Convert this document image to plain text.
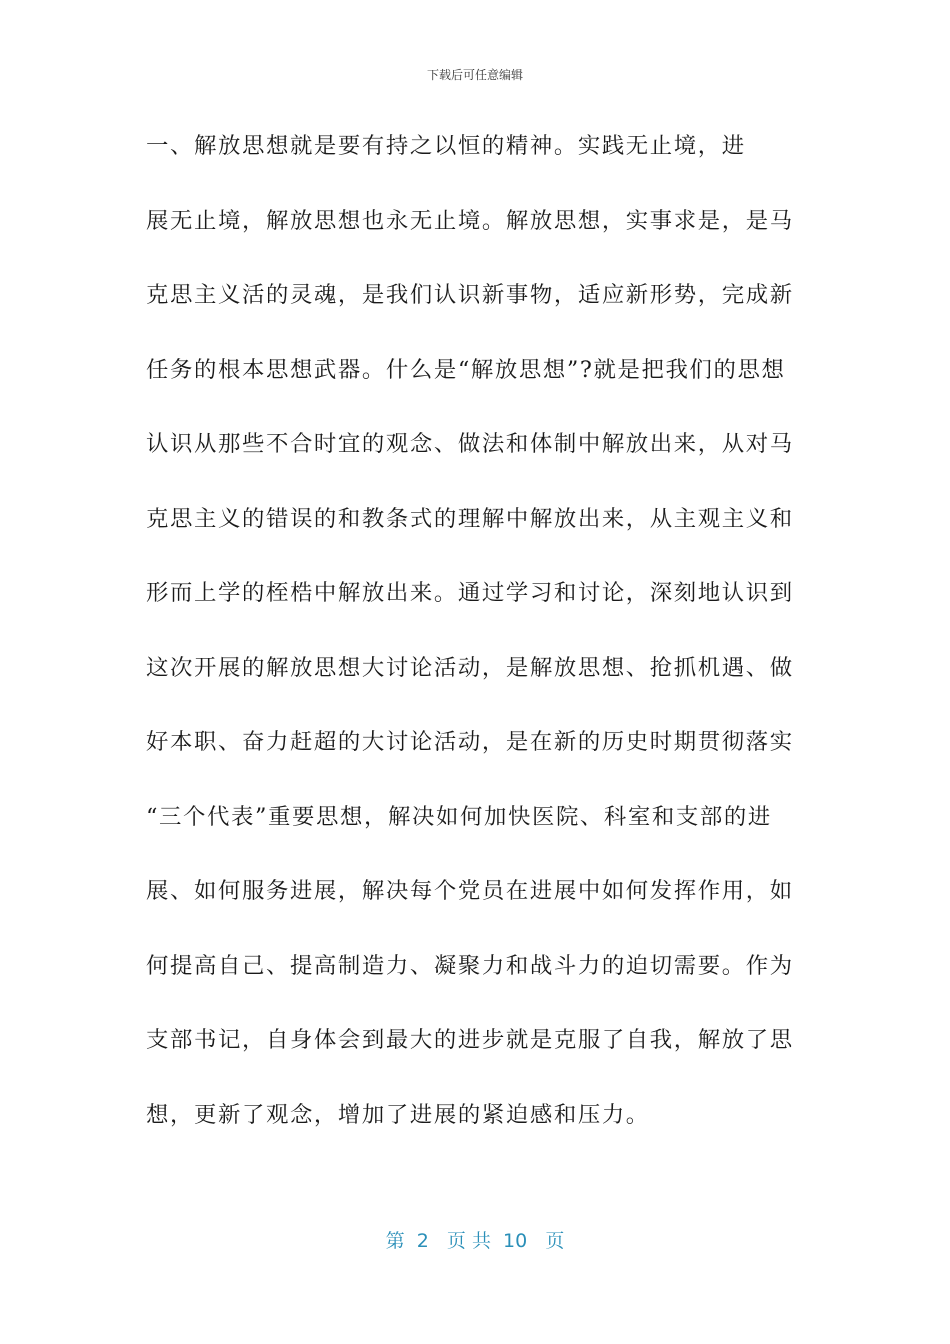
下载后可任意编辑
一、解放思想就是要有持之以恒的精神。实践无止境，进
展无止境，解放思想也永无止境。解放思想，实事求是，是马
克思主义活的灵魂，是我们认识新事物，适应新形势，完成新
任务的根本思想武器。什么是“解放思想”?就是把我们的思想
认识从那些不合时宜的观念、做法和体制中解放出来，从对马
克思主义的错误的和教条式的理解中解放出来，从主观主义和
形而上学的桎梏中解放出来。通过学习和讨论，深刻地认识到
这次开展的解放思想大讨论活动，是解放思想、抢抓机遇、做
好本职、奋力赶超的大讨论活动，是在新的历史时期贯彻落实
“三个代表”重要思想，解决如何加快医院、科室和支部的进
展、如何服务进展，解决每个党员在进展中如何发挥作用，如
何提高自己、提高制造力、凝聚力和战斗力的迫切需要。作为
支部书记，自身体会到最大的进步就是克服了自我，解放了思
想，更新了观念，增加了进展的紧迫感和压力。
第  2   页 共  10   页
